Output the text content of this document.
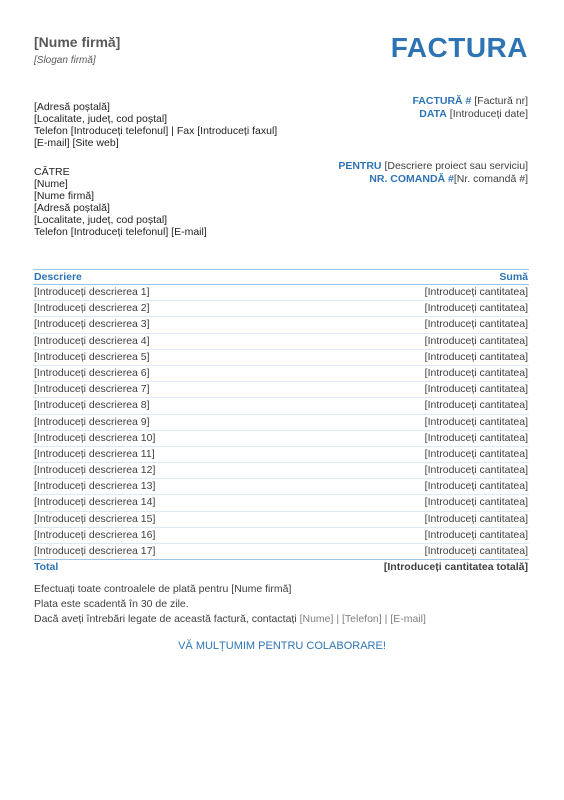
[Nume firmă]
[Slogan firmă]	FACTURA
[Adresă poștală]
[Localitate, județ, cod poștal]
Telefon [Introduceți telefonul] | Fax [Introduceți faxul]
[E-mail] [Site web]
FACTURĂ # [Factură nr]
DATA [Introduceți date]
CĂTRE
[Nume]
[Nume firmă]
[Adresă poștală]
[Localitate, județ, cod poștal]
Telefon [Introduceți telefonul] [E-mail]
PENTRU [Descriere proiect sau serviciu]
NR. COMANDĂ #[Nr. comandă #]
Descriere	Sumă
[Introduceți descrierea 1]	[Introduceți cantitatea]
[Introduceți descrierea 2]	[Introduceți cantitatea]
[Introduceți descrierea 3]	[Introduceți cantitatea]
[Introduceți descrierea 4]	[Introduceți cantitatea]
[Introduceți descrierea 5]	[Introduceți cantitatea]
[Introduceți descrierea 6]	[Introduceți cantitatea]
[Introduceți descrierea 7]	[Introduceți cantitatea]
[Introduceți descrierea 8]	[Introduceți cantitatea]
[Introduceți descrierea 9]	[Introduceți cantitatea]
[Introduceți descrierea 10]	[Introduceți cantitatea]
[Introduceți descrierea 11]	[Introduceți cantitatea]
[Introduceți descrierea 12]	[Introduceți cantitatea]
[Introduceți descrierea 13]	[Introduceți cantitatea]
[Introduceți descrierea 14]	[Introduceți cantitatea]
[Introduceți descrierea 15]	[Introduceți cantitatea]
[Introduceți descrierea 16]	[Introduceți cantitatea]
[Introduceți descrierea 17]	[Introduceți cantitatea]
Total	[Introduceți cantitatea totală]
Efectuați toate controalele de plată pentru [Nume firmă]
Plata este scadentă în 30 de zile.
Dacă aveți întrebări legate de această factură, contactați [Nume] | [Telefon] | [E-mail]
VĂ MULȚUMIM PENTRU COLABORARE!
